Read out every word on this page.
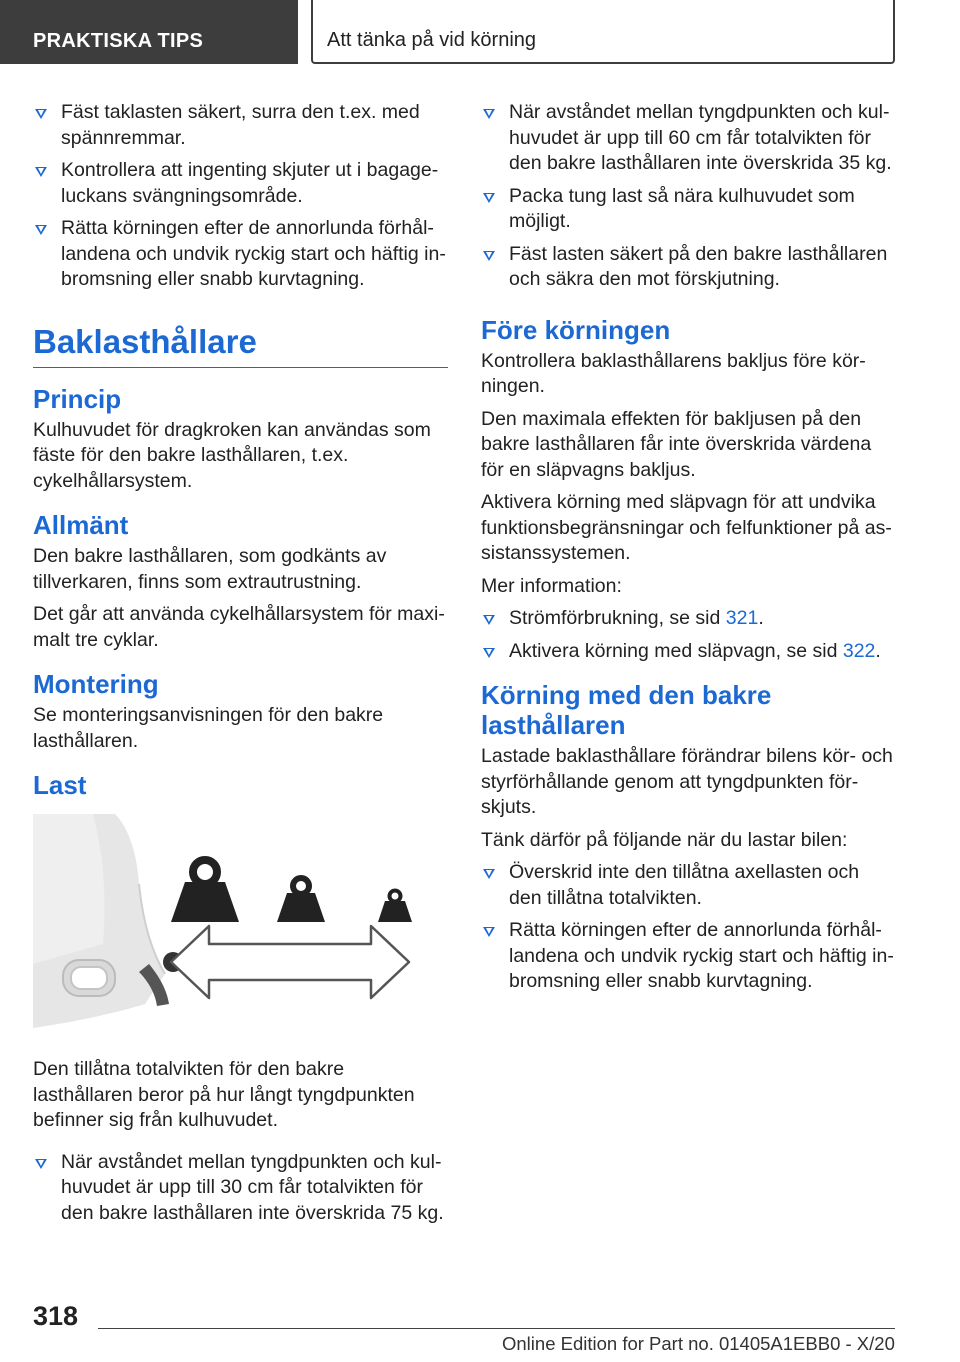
PRAKTISKA TIPS	Att tänka på vid körning
Fäst taklasten säkert, surra den t.ex. med spännremmar.
Kontrollera att ingenting skjuter ut i bagageluckans svängningsområde.
Rätta körningen efter de annorlunda förhållandena och undvik ryckig start och häftig inbromsning eller snabb kurvtagning.
Baklasthållare
Princip

Kulhuvudet för dragkroken kan användas som fäste för den bakre lasthållaren, t.ex. cykelhållarsystem.

Allmänt

Den bakre lasthållaren, som godkänts av tillverkaren, finns som extrautrustning.

Det går att använda cykelhållarsystem för maximalt tre cyklar.

Montering

Se monteringsanvisningen för den bakre lasthållaren.

Last

Den tillåtna totalvikten för den bakre lasthållaren beror på hur långt tyngdpunkten befinner sig från kulhuvudet.

När avståndet mellan tyngdpunkten och kulhuvudet är upp till 30 cm får totalvikten för den bakre lasthållaren inte överskrida 75 kg.
När avståndet mellan tyngdpunkten och kulhuvudet är upp till 60 cm får totalvikten för den bakre lasthållaren inte överskrida 35 kg.
Packa tung last så nära kulhuvudet som möjligt.
Fäst lasten säkert på den bakre lasthållaren och säkra den mot förskjutning.
Före körningen

Kontrollera baklasthållarens bakljus före körningen.

Den maximala effekten för bakljusen på den bakre lasthållaren får inte överskrida värdena för en släpvagns bakljus.

Aktivera körning med släpvagn för att undvika funktionsbegränsningar och felfunktioner på assistanssystemen.

Mer information:

Strömförbrukning, se sid 321.
Aktivera körning med släpvagn, se sid 322.
Körning med den bakre lasthållaren

Lastade baklasthållare förändrar bilens kör- och styrförhållande genom att tyngdpunkten förskjuts.

Tänk därför på följande när du lastar bilen:

Överskrid inte den tillåtna axellasten och den tillåtna totalvikten.
Rätta körningen efter de annorlunda förhållandena och undvik ryckig start och häftig inbromsning eller snabb kurvtagning.
318
Online Edition for Part no. 01405A1EBB0 - X/20
